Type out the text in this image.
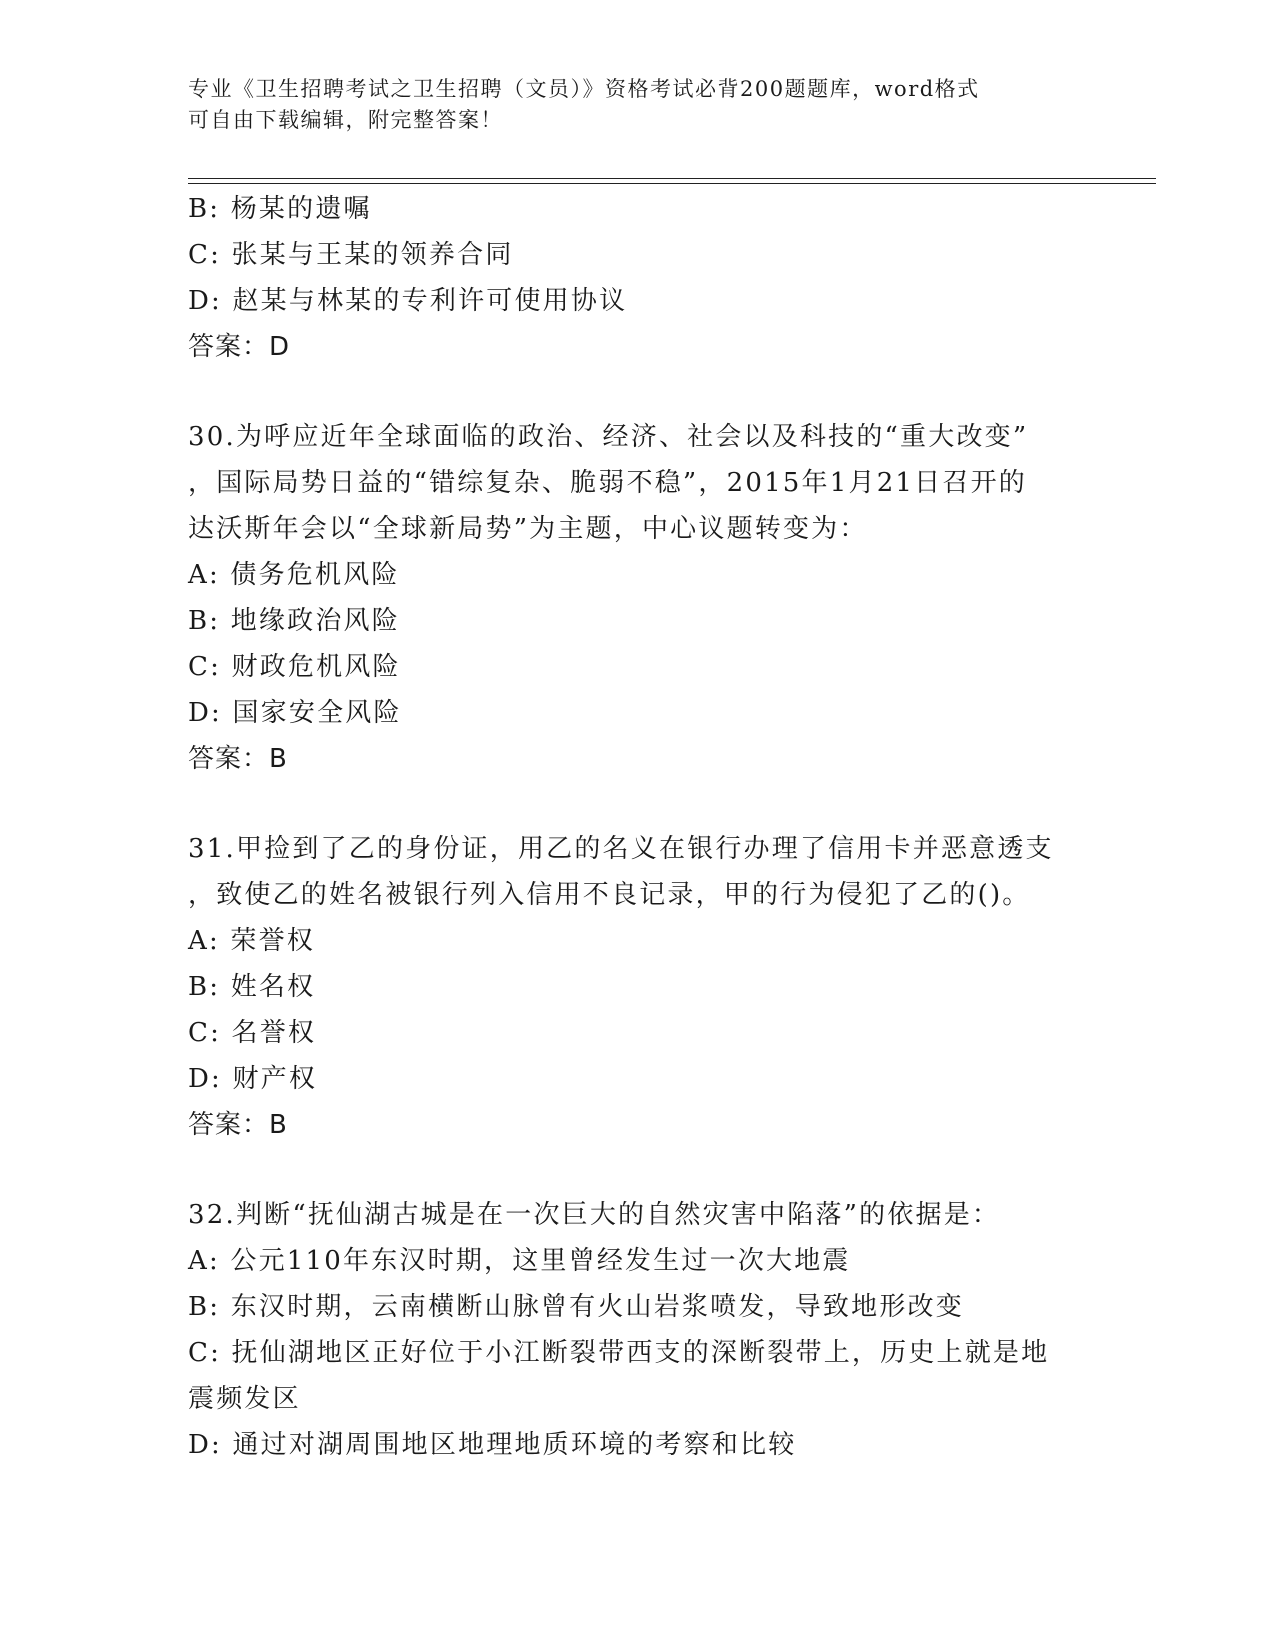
专业《卫生招聘考试之卫生招聘（文员）》资格考试必背200题题库，word格式
可自由下载编辑，附完整答案！
B: 杨某的遗嘱
C: 张某与王某的领养合同
D: 赵某与林某的专利许可使用协议
答案：D
30.为呼应近年全球面临的政治、经济、社会以及科技的“重大改变”
，国际局势日益的“错综复杂、脆弱不稳”，2015年1月21日召开的
达沃斯年会以“全球新局势”为主题，中心议题转变为：
A: 债务危机风险
B: 地缘政治风险
C: 财政危机风险
D: 国家安全风险
答案：B
31.甲捡到了乙的身份证，用乙的名义在银行办理了信用卡并恶意透支
，致使乙的姓名被银行列入信用不良记录，甲的行为侵犯了乙的()。
A: 荣誉权
B: 姓名权
C: 名誉权
D: 财产权
答案：B
32.判断“抚仙湖古城是在一次巨大的自然灾害中陷落”的依据是：
A: 公元110年东汉时期，这里曾经发生过一次大地震
B: 东汉时期，云南横断山脉曾有火山岩浆喷发，导致地形改变
C: 抚仙湖地区正好位于小江断裂带西支的深断裂带上，历史上就是地
震频发区
D: 通过对湖周围地区地理地质环境的考察和比较
